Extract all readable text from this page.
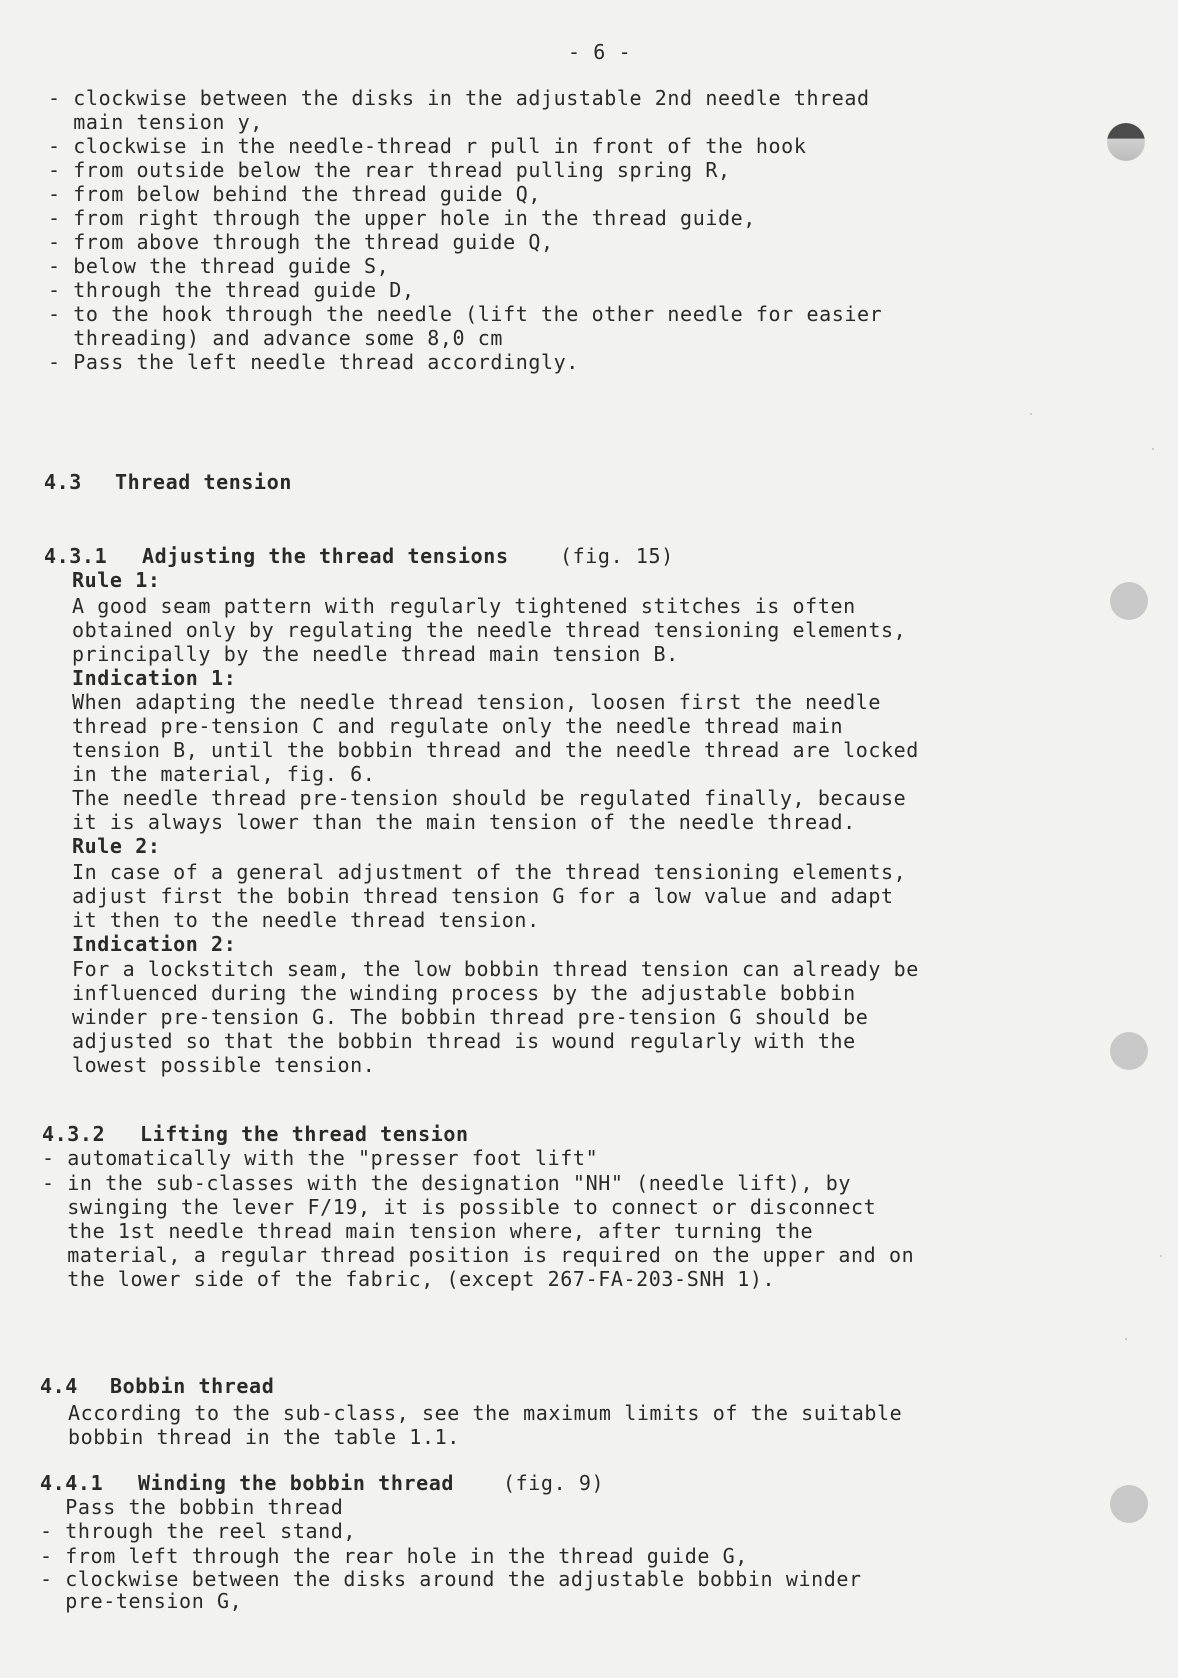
- 6 -
- clockwise between the disks in the adjustable 2nd needle thread
main tension y,
- clockwise in the needle-thread r pull in front of the hook
- from outside below the rear thread pulling spring R,
- from below behind the thread guide Q,
- from right through the upper hole in the thread guide,
- from above through the thread guide Q,
- below the thread guide S,
- through the thread guide D,
- to the hook through the needle (lift the other needle for easier
threading) and advance some 8,0 cm
- Pass the left needle thread accordingly.
4.3 Thread tension
4.3.1 Adjusting the thread tensions	(fig. 15)
Rule 1:
A good seam pattern with regularly tightened stitches is often
obtained only by regulating the needle thread tensioning elements,
principally by the needle thread main tension B.
Indication 1:
When adapting the needle thread tension, loosen first the needle
thread pre-tension C and regulate only the needle thread main
tension B, until the bobbin thread and the needle thread are locked
in the material, fig. 6.
The needle thread pre-tension should be regulated finally, because
it is always lower than the main tension of the needle thread.
Rule 2:
In case of a general adjustment of the thread tensioning elements,
adjust first the bobin thread tension G for a low value and adapt
it then to the needle thread tension.
Indication 2:
For a lockstitch seam, the low bobbin thread tension can already be
influenced during the winding process by the adjustable bobbin
winder pre-tension G. The bobbin thread pre-tension G should be
adjusted so that the bobbin thread is wound regularly with the
lowest possible tension.
4.3.2 Lifting the thread tension
- automatically with the "presser foot lift"
- in the sub-classes with the designation "NH" (needle lift), by
swinging the lever F/19, it is possible to connect or disconnect
the 1st needle thread main tension where, after turning the
material, a regular thread position is required on the upper and on
the lower side of the fabric, (except 267-FA-203-SNH 1).
4.4 Bobbin thread
According to the sub-class, see the maximum limits of the suitable
bobbin thread in the table 1.1.
4.4.1 Winding the bobbin thread (fig. 9)
Pass the bobbin thread
- through the reel stand,
- from left through the rear hole in the thread guide G,
- clockwise between the disks around the adjustable bobbin winder
pre-tension G,
